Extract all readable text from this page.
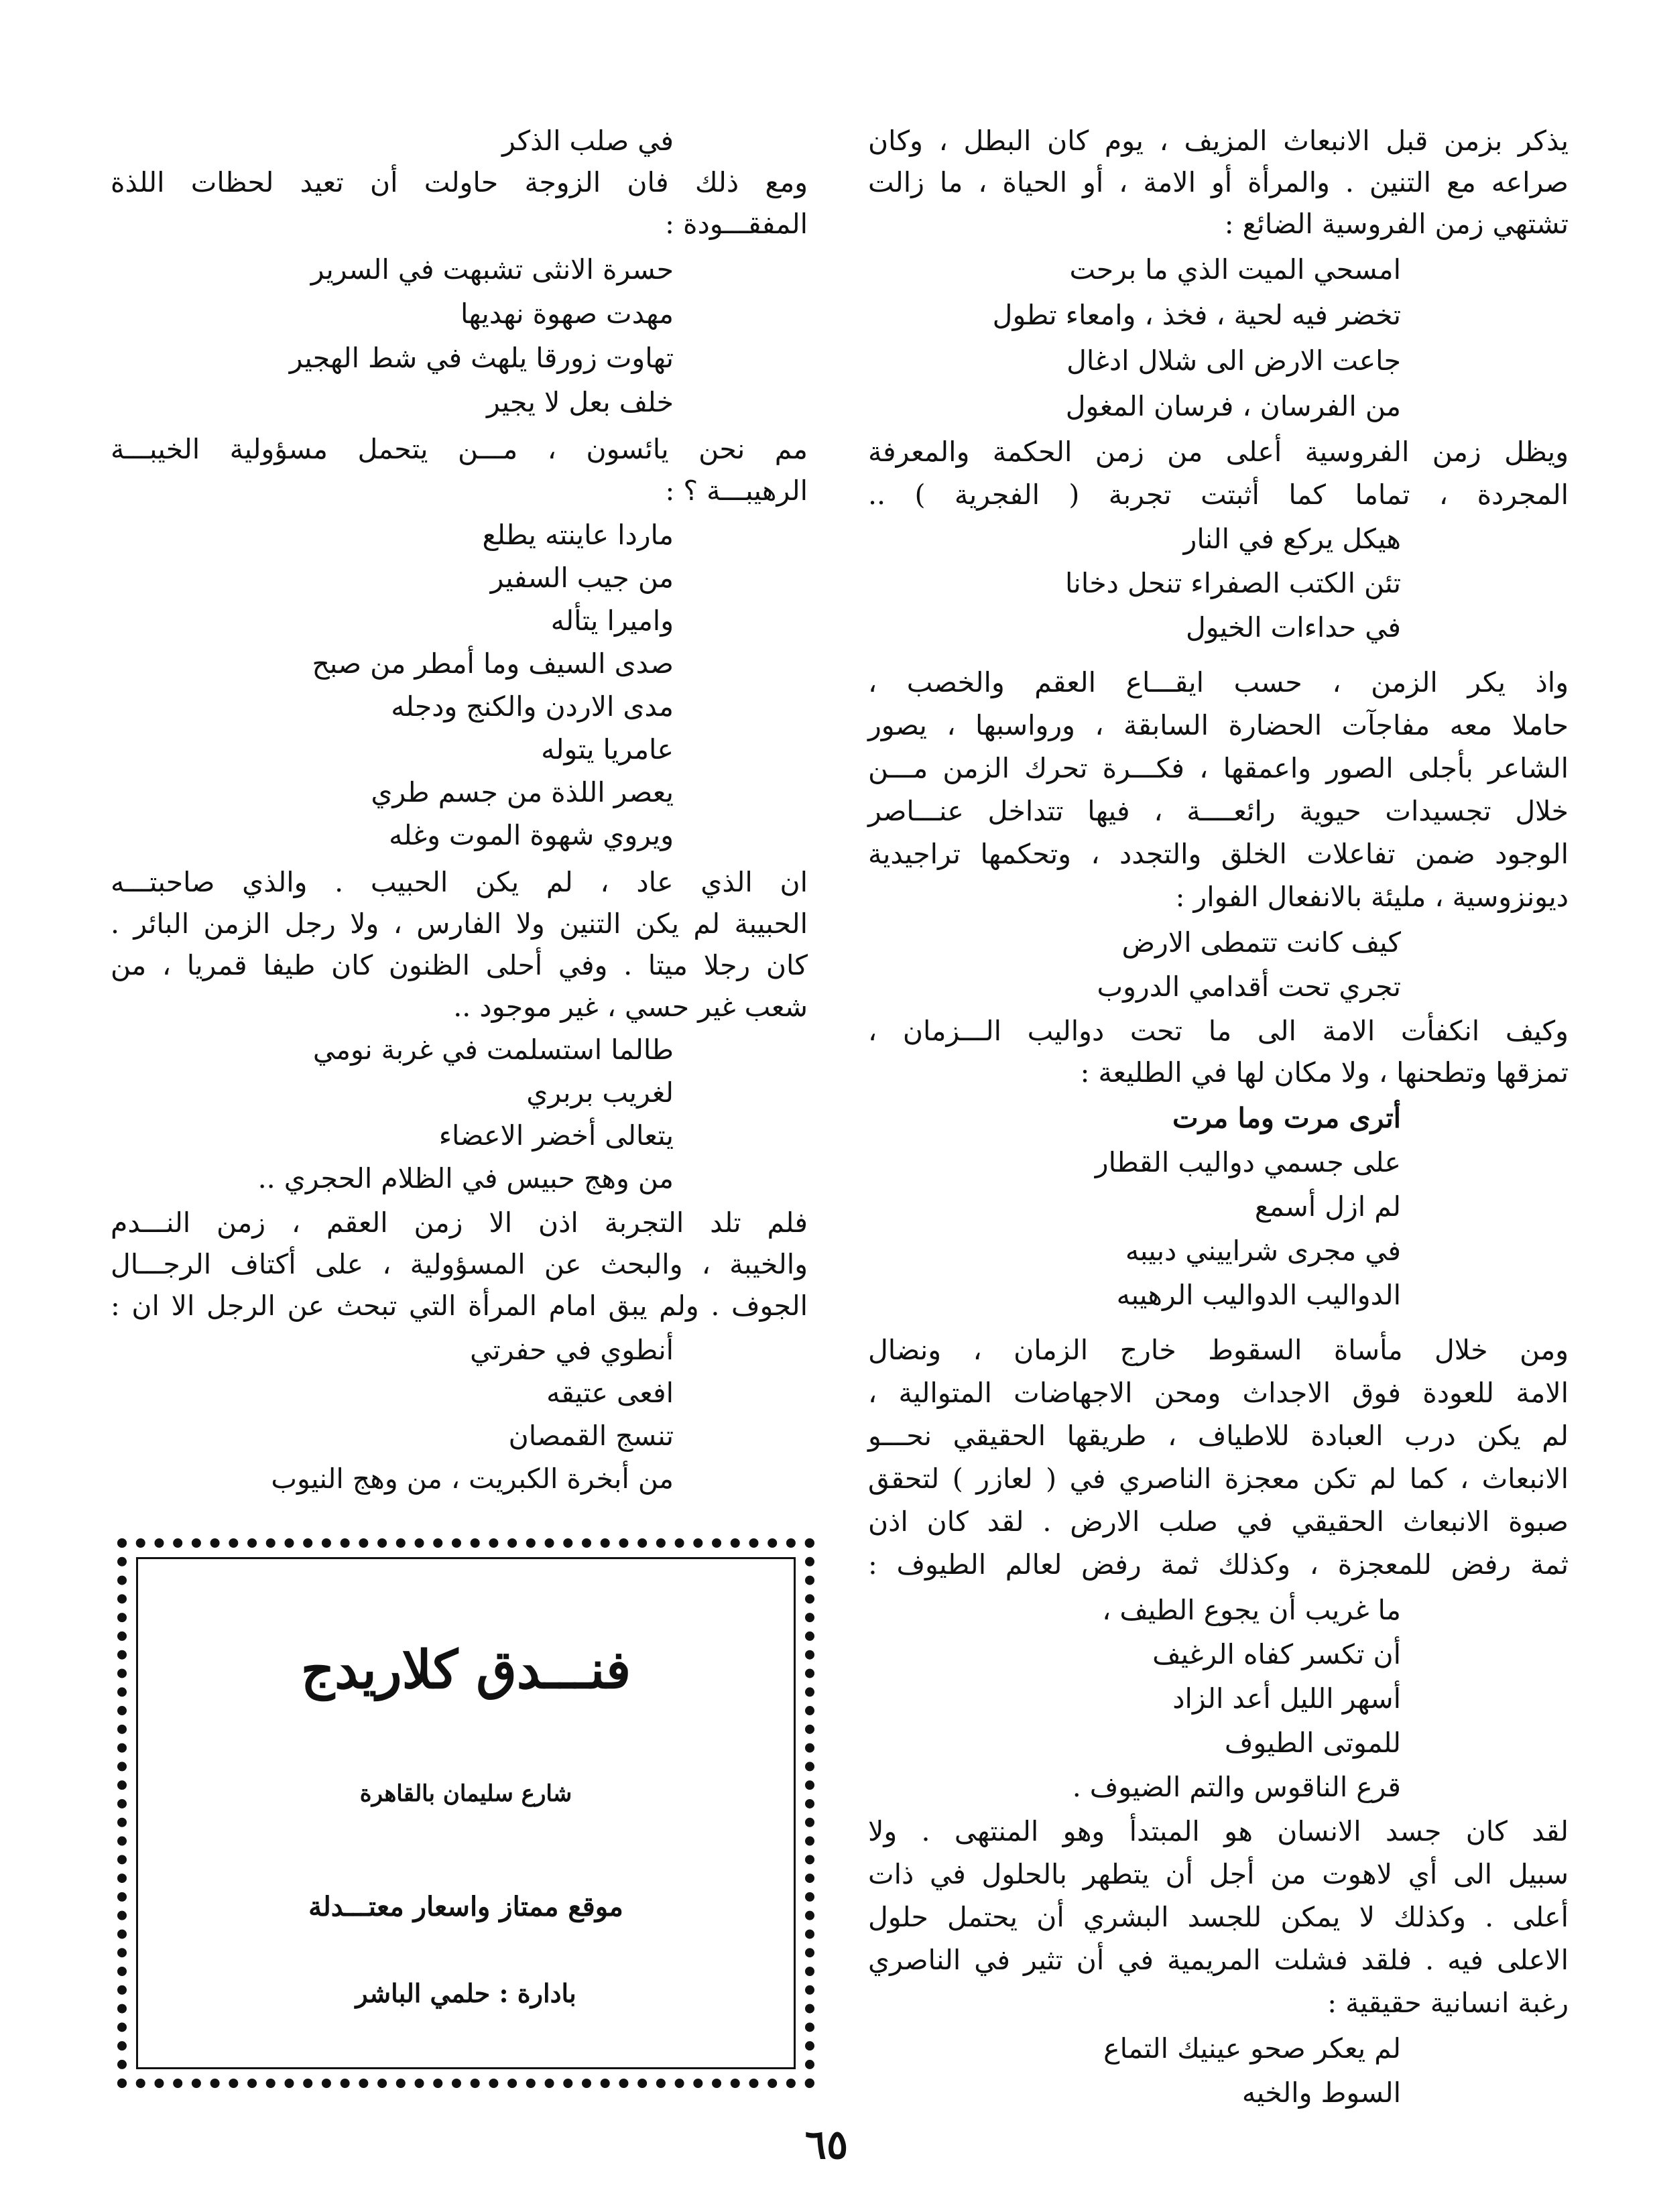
يذكر بزمن قبل الانبعاث المزيف ، يوم كان البطل ، وكان
صراعه مع التنين . والمرأة أو الامة ، أو الحياة ، ما زالت
تشتهي زمن الفروسية الضائع :
امسحي الميت الذي ما برحت
تخضر فيه لحية ، فخذ ، وامعاء تطول
جاعت الارض الى شلال ادغال
من الفرسان ، فرسان المغول
ويظل زمن الفروسية أعلى من زمن الحكمة والمعرفة
المجردة ، تماما كما أثبتت تجربة ( الفجرية ) ..
هيكل يركع في النار
تئن الكتب الصفراء تنحل دخانا
في حداءات الخيول
واذ يكر الزمن ، حسب ايقـــاع العقم والخصب ،
حاملا معه مفاجآت الحضارة السابقة ، ورواسبها ، يصور
الشاعر بأجلى الصور واعمقها ، فكـــرة تحرك الزمن مـــن
خلال تجسيدات حيوية رائعــــة ، فيها تتداخل عنـــاصر
الوجود ضمن تفاعلات الخلق والتجدد ، وتحكمها تراجيدية
ديونزوسية ، مليئة بالانفعال الفوار :
كيف كانت تتمطى الارض
تجري تحت أقدامي الدروب
وكيف انكفأت الامة الى ما تحت دواليب الـــزمان ،
تمزقها وتطحنها ، ولا مكان لها في الطليعة :
أترى مرت وما مرت
على جسمي دواليب القطار
لم ازل أسمع
في مجرى شراييني دبيبه
الدواليب الدواليب الرهيبه
ومن خلال مأساة السقوط خارج الزمان ، ونضال
الامة للعودة فوق الاجداث ومحن الاجهاضات المتوالية ،
لم يكن درب العبادة للاطياف ، طريقها الحقيقي نحـــو
الانبعاث ، كما لم تكن معجزة الناصري في ( لعازر ) لتحقق
صبوة الانبعاث الحقيقي في صلب الارض . لقد كان اذن
ثمة رفض للمعجزة ، وكذلك ثمة رفض لعالم الطيوف :
ما غريب أن يجوع الطيف ،
أن تكسر كفاه الرغيف
أسهر الليل أعد الزاد
للموتى الطيوف
قرع الناقوس والتم الضيوف .
لقد كان جسد الانسان هو المبتدأ وهو المنتهى . ولا
سبيل الى أي لاهوت من أجل أن يتطهر بالحلول في ذات
أعلى . وكذلك لا يمكن للجسد البشري أن يحتمل حلول
الاعلى فيه . فلقد فشلت المريمية في أن تثير في الناصري
رغبة انسانية حقيقية :
لم يعكر صحو عينيك التماع
السوط والخيه
في صلب الذكر
ومع ذلك فان الزوجة حاولت أن تعيد لحظات اللذة
المفقـــودة :
حسرة الانثى تشبهت في السرير
مهدت صهوة نهديها
تهاوت زورقا يلهث في شط الهجير
خلف بعل لا يجير
مم نحن يائسون ، مـــن يتحمل مسؤولية الخيبـــة
الرهيبـــة ؟ :
ماردا عاينته يطلع
من جيب السفير
واميرا يتأله
صدى السيف وما أمطر من صبح
مدى الاردن والكنج ودجله
عامريا يتوله
يعصر اللذة من جسم طري
ويروي شهوة الموت وغله
ان الذي عاد ، لم يكن الحبيب . والذي صاحبتـــه
الحبيبة لم يكن التنين ولا الفارس ، ولا رجل الزمن البائر .
كان رجلا ميتا . وفي أحلى الظنون كان طيفا قمريا ، من
شعب غير حسي ، غير موجود ..
طالما استسلمت في غربة نومي
لغريب بربري
يتعالى أخضر الاعضاء
من وهج حبيس في الظلام الحجري ..
فلم تلد التجربة اذن الا زمن العقم ، زمن النـــدم
والخيبة ، والبحث عن المسؤولية ، على أكتاف الرجـــال
الجوف . ولم يبق امام المرأة التي تبحث عن الرجل الا ان :
أنطوي في حفرتي
افعى عتيقه
تنسج القمصان
من أبخرة الكبريت ، من وهج النيوب
فنـــدق كلاريدج
شارع سليمان بالقاهرة
موقع ممتاز واسعار معتـــدلة
بادارة : حلمي الباشر
٦٥
